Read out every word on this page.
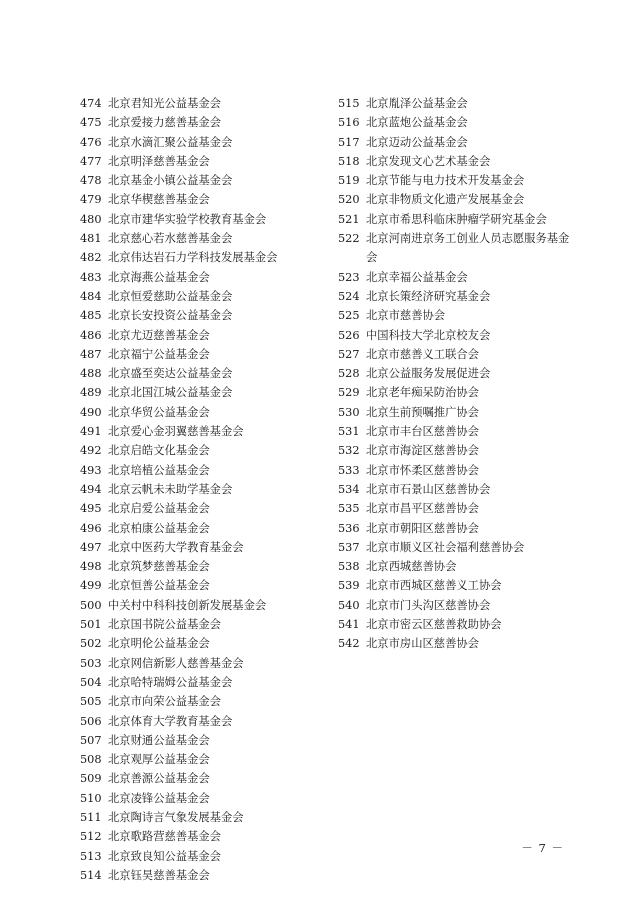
474 北京君知光公益基金会
475 北京爱接力慈善基金会
476 北京水滴汇聚公益基金会
477 北京明泽慈善基金会
478 北京基金小镇公益基金会
479 北京华楔慈善基金会
480 北京市建华实验学校教育基金会
481 北京慈心若水慈善基金会
482 北京伟达岩石力学科技发展基金会
483 北京海燕公益基金会
484 北京恒爱慈助公益基金会
485 北京长安投资公益基金会
486 北京尤迈慈善基金会
487 北京福宁公益基金会
488 北京盛至奕达公益基金会
489 北京北国江城公益基金会
490 北京华贸公益基金会
491 北京爱心金羽翼慈善基金会
492 北京启皓文化基金会
493 北京培植公益基金会
494 北京云帆未未助学基金会
495 北京启爱公益基金会
496 北京柏康公益基金会
497 北京中医药大学教育基金会
498 北京筑梦慈善基金会
499 北京恒善公益基金会
500 中关村中科科技创新发展基金会
501 北京国书院公益基金会
502 北京明伦公益基金会
503 北京网信新影人慈善基金会
504 北京哈特瑞姆公益基金会
505 北京市向荣公益基金会
506 北京体育大学教育基金会
507 北京财通公益基金会
508 北京观厚公益基金会
509 北京善源公益基金会
510 北京凌锋公益基金会
511 北京陶诗言气象发展基金会
512 北京歌路营慈善基金会
513 北京致良知公益基金会
514 北京钰昊慈善基金会
515 北京胤泽公益基金会
516 北京蓝炮公益基金会
517 北京迈动公益基金会
518 北京发现文心艺术基金会
519 北京节能与电力技术开发基金会
520 北京非物质文化遗产发展基金会
521 北京市希思科临床肿瘤学研究基金会
522 北京河南进京务工创业人员志愿服务基金会
523 北京幸福公益基金会
524 北京长策经济研究基金会
525 北京市慈善协会
526 中国科技大学北京校友会
527 北京市慈善义工联合会
528 北京公益服务发展促进会
529 北京老年痴呆防治协会
530 北京生前预嘱推广协会
531 北京市丰台区慈善协会
532 北京市海淀区慈善协会
533 北京市怀柔区慈善协会
534 北京市石景山区慈善协会
535 北京市昌平区慈善协会
536 北京市朝阳区慈善协会
537 北京市顺义区社会福利慈善协会
538 北京西城慈善协会
539 北京市西城区慈善义工协会
540 北京市门头沟区慈善协会
541 北京市密云区慈善救助协会
542 北京市房山区慈善协会
－ 7 －
